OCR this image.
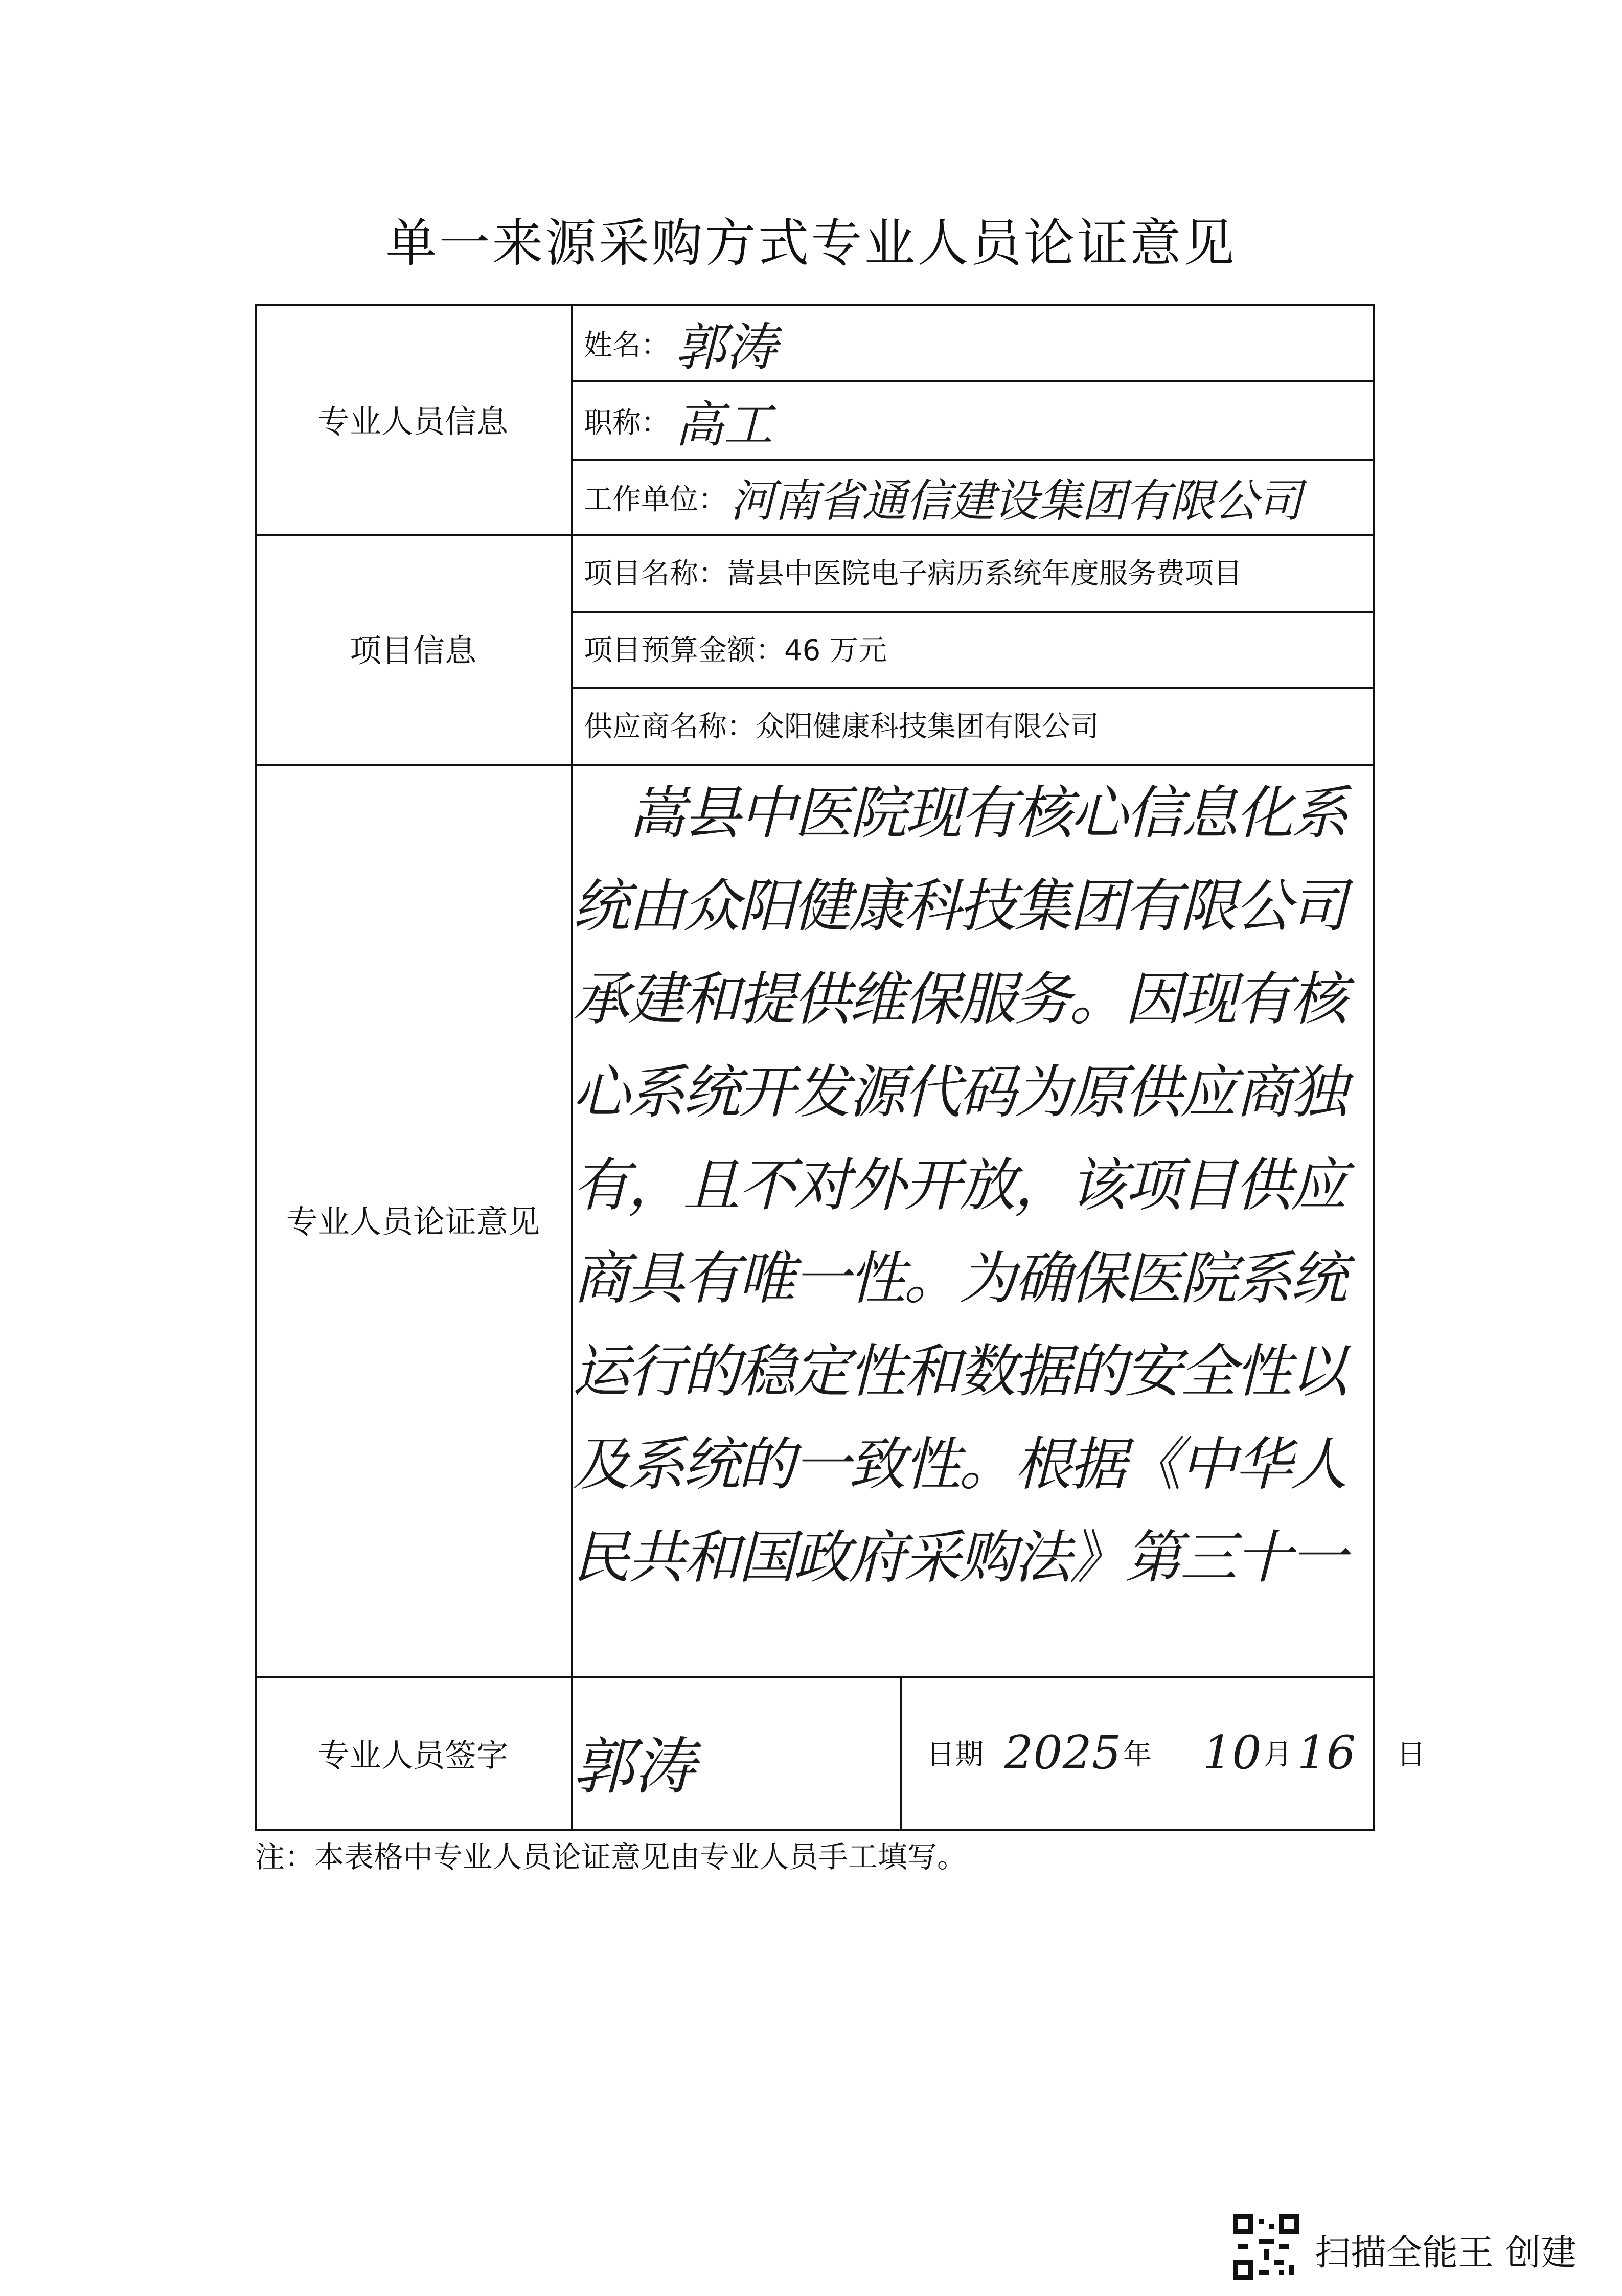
单一来源采购方式专业人员论证意见
专业人员信息
项目信息
专业人员论证意见
专业人员签字
姓名： 郭涛
职称： 高工
工作单位： 河南省通信建设集团有限公司
项目名称：嵩县中医院电子病历系统年度服务费项目
项目预算金额：46 万元
供应商名称：众阳健康科技集团有限公司
嵩县中医院现有核心信息化系统由众阳健康科技集团有限公司承建和提供维保服务。因现有核心系统开发源代码为原供应商独有，且不对外开放，该项目供应商具有唯一性。为确保医院系统运行的稳定性和数据的安全性以及系统的一致性。根据《中华人民共和国政府采购法》第三十一
郭涛	日期 2025 年 10 月 16 日
注：本表格中专业人员论证意见由专业人员手工填写。
扫描全能王 创建
